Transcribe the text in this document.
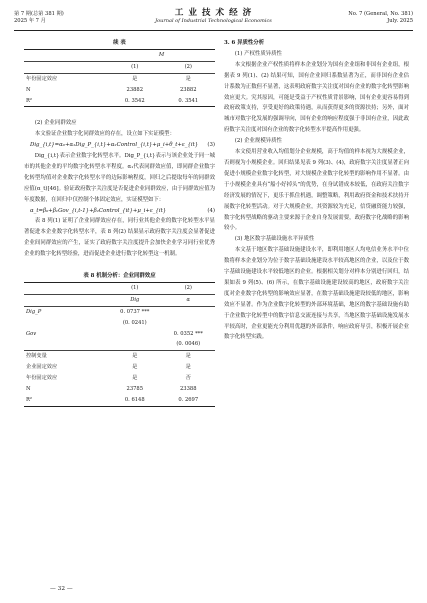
第 7 期(总第 381 期)
2025 年 7 月
工 业 技 术 经 济
Journal of Industrial Technological Economics
No. 7 (General, No. 381)
July. 2025
续 表
	M	
	(1)	(2)
年份固定效应	是	是
N	23882	23882
R²	0. 3542	0. 3541
(2) 企业同群效应

本文验证企业数字化同群效应的存在，设立如下实证模型：

Dig_{i,t}=α₀+α₁Dig_P_{i,t}+α₂Control_{i,t}+μ_i+θ_t+ε_{it} (3)

Dig_{i,t}表示企业数字化转型水平。Dig_P_{i,t}表示与该企业处于同一城市的其他企业的平均数字化转型水平程度。α₁代表同群效应值，即同群企业数字化转型均值对企业数字化转型水平的边际影响程度，回归之后提取每年的同群效应值(α_t)[46]。验证政府数字关注度是否促进企业同群效应，由于同群效应值为年度数据，在回归中仅控制个体固定效应，实证模型如下：

α_t=β₀+β₁Gov_{i,t-1}+β₂Control_{it}+μ_i+ε_{it}	(4)

表 8 列(1) 证明了企业同群效应存在，同行业其他企业的数字化转型水平显著促进本企业数字化转型水平，表 8 列(2) 结果显示政府数字关注度会显著促进企业间同群效应的产生，证实了政府数字关注度提升会加快企业学习同行业优秀企业的数字化转型经验，进而促进企业进行数字化转型这一机制。

表 8 机制分析：企业同群效应
	(1)	(2)
	Dig	α
Dig_P	0. 0737 ***	
	(0. 0241)	
Gov		0. 0352 ***
		(0. 0046)
控制变量	是	是
企业固定效应	是	是
年份固定效应	是	否
N	23785	23388
R²	0. 6148	0. 2697
3. 6 异质性分析
(1) 产权性质异质性

本文根据企业产权性质将样本企业划分为国有企业组和非国有企业组，根据表 9 列(1)、(2) 结果可知，国有企业回归系数显著为正，而非国有企业估计系数为正数但不显著，这表明政府数字关注度对国有企业的数字化转型影响效应更大。究其原因，可能是受益于产权性质背景影响，国有企业更容易得到政府政策支持，享受更好的政策待遇，从而获得更多的资源扶持；另外，面对城市对数字化发展的强调导向，国有企业的响应程度强于非国有企业，因此政府数字关注度对国有企业的数字化转型水平提高作用更强。

(2) 企业规模异质性

本文使用营业收入均值划分企业规模，高于均值的样本视为大规模企业，否则视为小规模企业。回归结果见表 9 列(3)、(4)，政府数字关注度显著正向促进小规模企业数字化转型，对大规模企业数字化转型的影响作用不显著。由于小规模企业具有“船小好掉头”的优势，在身试错成本较低，在政府关注数字经济发展的情况下，更乐于抓住机遇，调整策略，利用政府资金和技术扶持开展数字化转型活动。对于大规模企业，其资源较为充足，信贷融资能力较强，数字化转型战略的驱动主要来源于企业自身发展需要，政府数字化战略的影响较小。

(3) 地区数字基础设施水平异质性

本文基于地区数字基础设施建设水平，即利用地区人均电信业务水平中位数将样本企业划分为位于数字基础设施建设水平较高地区的企业，以及位于数字基础设施建设水平较低地区的企业。根据相关划分对样本分别进行回归，结果如表 9 列(5)、(6) 所示，在数字基础设施建设较高的地区，政府数字关注度对企业数字化转型的影响效应显著，在数字基础设施建设较低的地区，影响效应不显著。作为企业数字化转型的外部环境基础，地区的数字基础设施有助于企业数字化转型中的数字信息交流连接与共享，当地区数字基础设施发展水平较高时，企业更能充分利用优越的外部条件，响应政府导引，积极开展企业数字化转型实践。

— 32 —
